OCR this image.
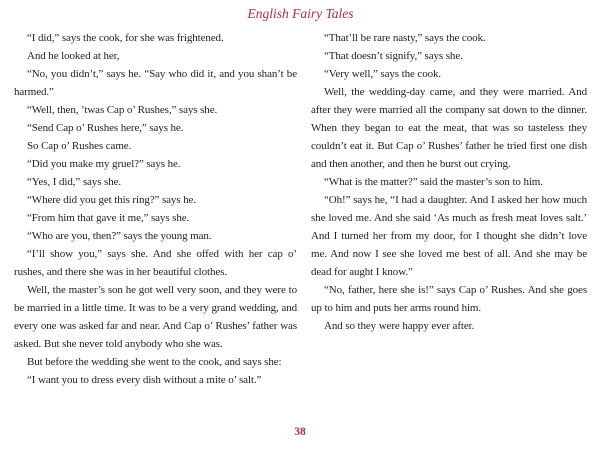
English Fairy Tales

“I did,” says the cook, for she was frightened.

And he looked at her,

“No, you didn’t,” says he. “Say who did it, and you shan’t be harmed.”

“Well, then, ’twas Cap o’ Rushes,” says she.

“Send Cap o’ Rushes here,” says he.

So Cap o’ Rushes came.

“Did you make my gruel?” says he.

“Yes, I did,” says she.

“Where did you get this ring?” says he.

“From him that gave it me,” says she.

“Who are you, then?” says the young man.

“I’ll show you,” says she. And she offed with her cap o’ rushes, and there she was in her beautiful clothes.

Well, the master’s son he got well very soon, and they were to be married in a little time. It was to be a very grand wedding, and every one was asked far and near. And Cap o’ Rushes’ father was asked. But she never told anybody who she was.

But before the wedding she went to the cook, and says she:

“I want you to dress every dish without a mite o’ salt.”

“That’ll be rare nasty,” says the cook.

“That doesn’t signify,” says she.

“Very well,” says the cook.

Well, the wedding-day came, and they were married. And after they were married all the company sat down to the dinner. When they began to eat the meat, that was so tasteless they couldn’t eat it. But Cap o’ Rushes’ father he tried first one dish and then another, and then he burst out crying.

“What is the matter?” said the master’s son to him.

“Oh!” says he, “I had a daughter. And I asked her how much she loved me. And she said ‘As much as fresh meat loves salt.’ And I turned her from my door, for I thought she didn’t love me. And now I see she loved me best of all. And she may be dead for aught I know.”

“No, father, here she is!” says Cap o’ Rushes. And she goes up to him and puts her arms round him.

And so they were happy ever after.

38
